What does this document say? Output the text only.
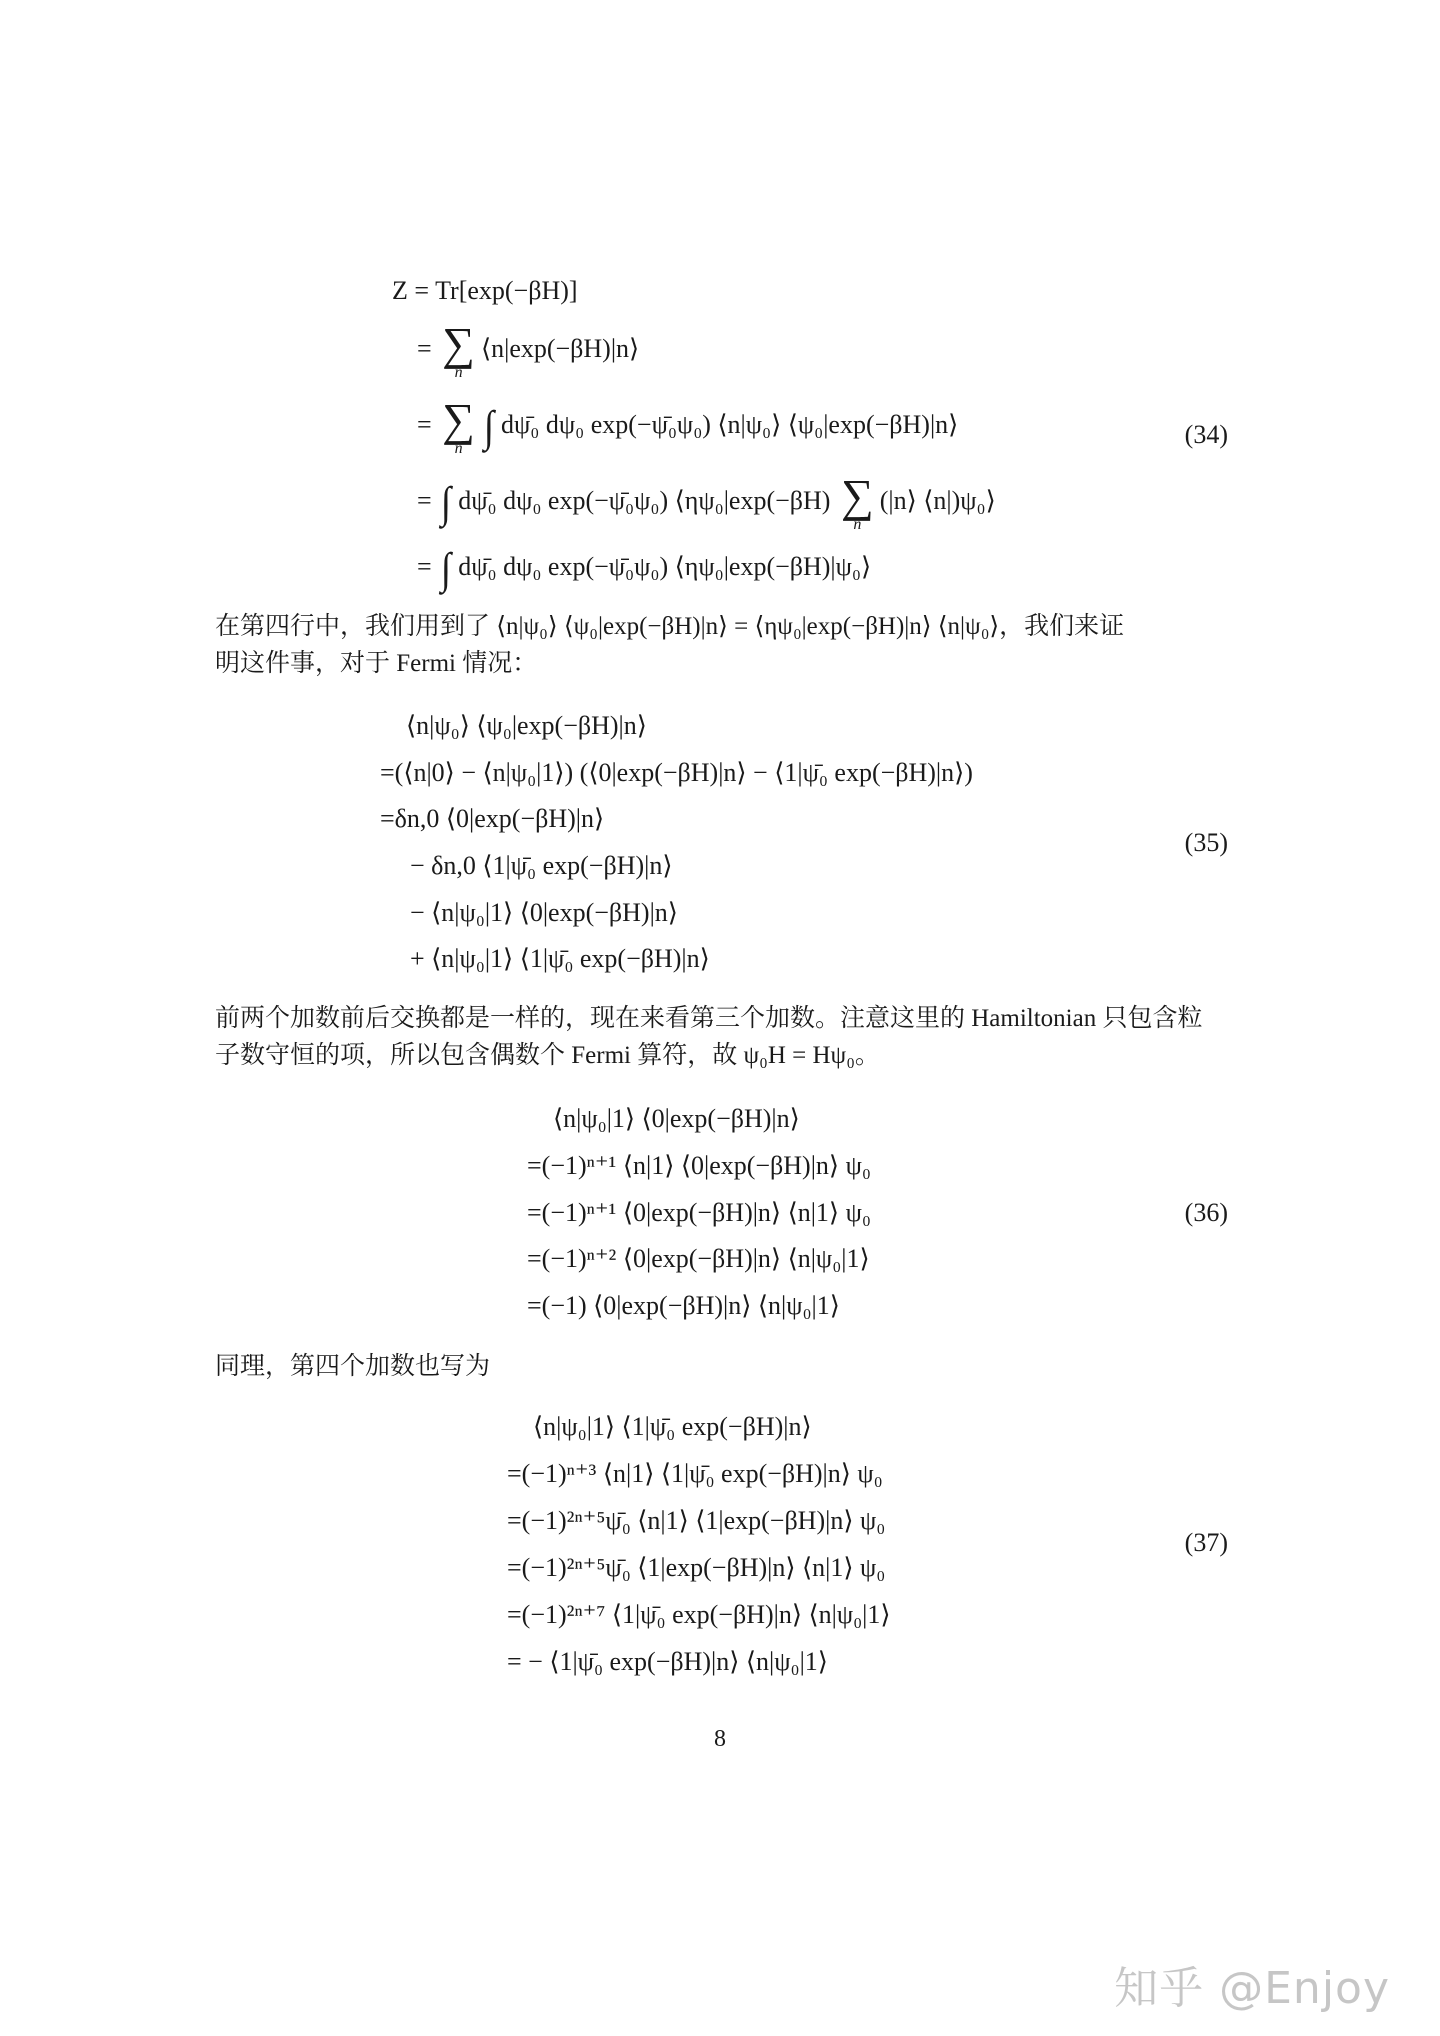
Z = Tr[exp(−βH)]
= ∑
n
⟨n|exp(−βH)|n⟩
= ∑
n ∫ dψ̄₀ dψ₀ exp(−ψ̄₀ψ₀) ⟨n|ψ₀⟩ ⟨ψ₀|exp(−βH)|n⟩
= ∫ dψ̄₀ dψ₀ exp(−ψ̄₀ψ₀) ⟨ηψ₀|exp(−βH) ∑
n
(|n⟩ ⟨n|)ψ₀⟩
= ∫ dψ̄₀ dψ₀ exp(−ψ̄₀ψ₀) ⟨ηψ₀|exp(−βH)|ψ₀⟩
(34)
在第四行中，我们用到了 ⟨n|ψ₀⟩ ⟨ψ₀|exp(−βH)|n⟩ = ⟨ηψ₀|exp(−βH)|n⟩ ⟨n|ψ₀⟩，我们来证
明这件事，对于 Fermi 情况：
⟨n|ψ₀⟩ ⟨ψ₀|exp(−βH)|n⟩
=(⟨n|0⟩ − ⟨n|ψ₀|1⟩) (⟨0|exp(−βH)|n⟩ − ⟨1|ψ̄₀ exp(−βH)|n⟩)
=δn,0 ⟨0|exp(−βH)|n⟩
− δn,0 ⟨1|ψ̄₀ exp(−βH)|n⟩
− ⟨n|ψ₀|1⟩ ⟨0|exp(−βH)|n⟩
+ ⟨n|ψ₀|1⟩ ⟨1|ψ̄₀ exp(−βH)|n⟩
(35)
前两个加数前后交换都是一样的，现在来看第三个加数。注意这里的 Hamiltonian 只包含粒
子数守恒的项，所以包含偶数个 Fermi 算符，故 ψ₀H = Hψ₀。
⟨n|ψ₀|1⟩ ⟨0|exp(−βH)|n⟩
=(−1)ⁿ⁺¹ ⟨n|1⟩ ⟨0|exp(−βH)|n⟩ ψ₀
=(−1)ⁿ⁺¹ ⟨0|exp(−βH)|n⟩ ⟨n|1⟩ ψ₀
=(−1)ⁿ⁺² ⟨0|exp(−βH)|n⟩ ⟨n|ψ₀|1⟩
=(−1) ⟨0|exp(−βH)|n⟩ ⟨n|ψ₀|1⟩
(36)
同理，第四个加数也写为
⟨n|ψ₀|1⟩ ⟨1|ψ̄₀ exp(−βH)|n⟩
=(−1)ⁿ⁺³ ⟨n|1⟩ ⟨1|ψ̄₀ exp(−βH)|n⟩ ψ₀
=(−1)²ⁿ⁺⁵ψ̄₀ ⟨n|1⟩ ⟨1|exp(−βH)|n⟩ ψ₀
=(−1)²ⁿ⁺⁵ψ̄₀ ⟨1|exp(−βH)|n⟩ ⟨n|1⟩ ψ₀
=(−1)²ⁿ⁺⁷ ⟨1|ψ̄₀ exp(−βH)|n⟩ ⟨n|ψ₀|1⟩
= − ⟨1|ψ̄₀ exp(−βH)|n⟩ ⟨n|ψ₀|1⟩
(37)
8
知乎 @Enjoy
